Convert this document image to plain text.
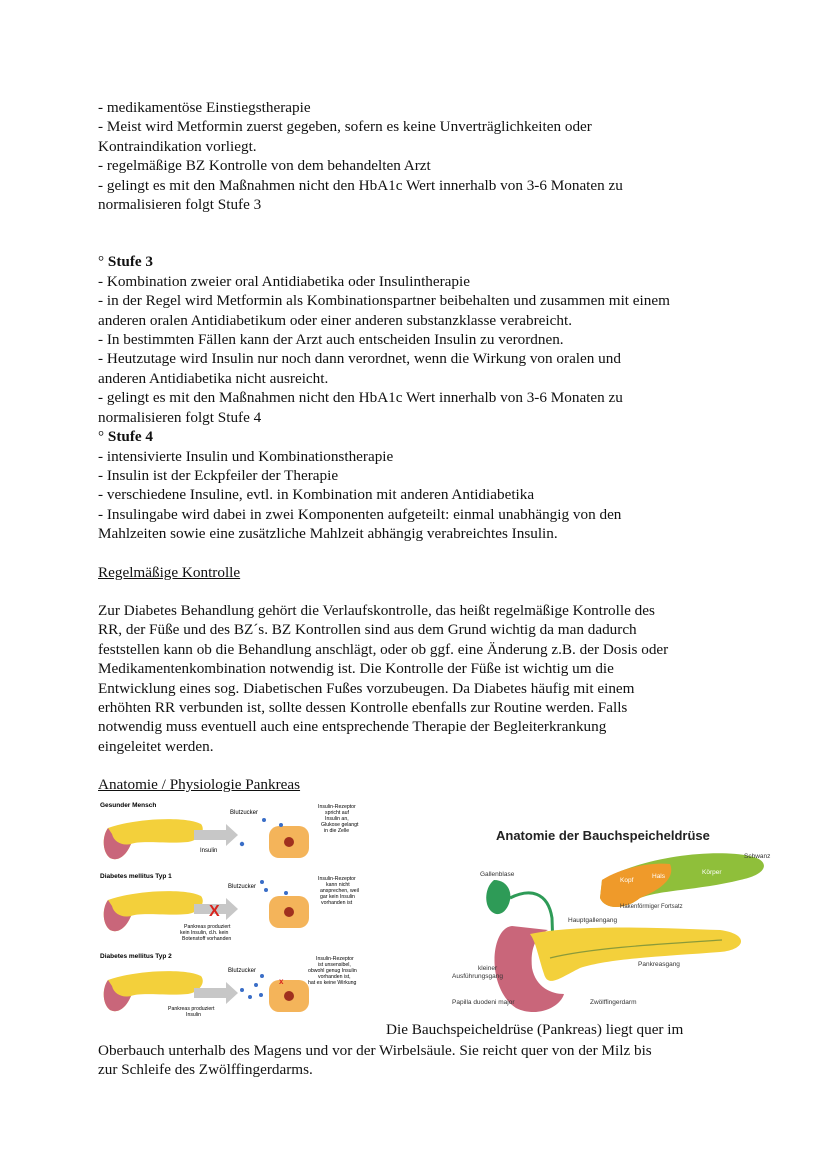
- medikamentöse Einstiegstherapie
- Meist wird Metformin zuerst gegeben, sofern es keine Unverträglichkeiten oder
Kontraindikation vorliegt.
- regelmäßige BZ Kontrolle von dem behandelten Arzt
- gelingt es mit den Maßnahmen nicht den HbA1c Wert innerhalb von 3-6 Monaten zu
normalisieren folgt Stufe 3
° Stufe 3
- Kombination zweier oral Antidiabetika oder Insulintherapie
- in der Regel wird Metformin als Kombinationspartner beibehalten und zusammen mit einem
anderen oralen Antidiabetikum oder einer anderen substanzklasse verabreicht.
- In bestimmten Fällen kann der Arzt auch entscheiden Insulin zu verordnen.
- Heutzutage wird Insulin nur noch dann verordnet, wenn die Wirkung von oralen und
anderen Antidiabetika nicht ausreicht.
- gelingt es mit den Maßnahmen nicht den HbA1c Wert innerhalb von 3-6 Monaten zu
normalisieren folgt Stufe 4
° Stufe 4
- intensivierte Insulin und Kombinationstherapie
- Insulin ist der Eckpfeiler der Therapie
- verschiedene Insuline, evtl. in Kombination mit anderen Antidiabetika
- Insulingabe wird dabei in zwei Komponenten aufgeteilt: einmal unabhängig von den
Mahlzeiten sowie eine zusätzliche Mahlzeit abhängig verabreichtes Insulin.
Regelmäßige Kontrolle
Zur Diabetes Behandlung gehört die Verlaufskontrolle, das heißt regelmäßige Kontrolle des
RR, der Füße und des BZ´s. BZ Kontrollen sind aus dem Grund wichtig da man dadurch
feststellen kann ob die Behandlung anschlägt, oder ob ggf. eine Änderung z.B. der Dosis oder
Medikamentenkombination notwendig ist. Die Kontrolle der Füße ist wichtig um die
Entwicklung eines sog. Diabetischen Fußes vorzubeugen. Da Diabetes häufig mit einem
erhöhten RR verbunden ist, sollte dessen Kontrolle ebenfalls zur Routine werden. Falls
notwendig muss eventuell auch eine entsprechende Therapie der Begleiterkrankung
eingeleitet werden.
Anatomie / Physiologie Pankreas
Gesunder Mensch
Insulin
Blutzucker
Insulin-Rezeptor spricht auf Insulin an, Glukose gelangt in die Zelle
Diabetes mellitus Typ 1
X
Pankreas produziert kein Insulin, d.h. kein Botenstoff vorhanden
Blutzucker
Insulin-Rezeptor kann nicht ansprechen, weil gar kein Insulin vorhanden ist
Diabetes mellitus Typ 2
Pankreas produziert Insulin
Blutzucker
x
Insulin-Rezeptor ist unsensibel, obwohl genug Insulin vorhanden ist, hat es keine Wirkung
Anatomie der Bauchspeicheldrüse
Schwanz
Kopf
Hals
Körper
Hakenförmiger Fortsatz
Gallenblase
Hauptgallengang
Pankreasgang
kleiner Ausführungsgang
Papilla duodeni major	Zwölffingerdarm
Die Bauchspeicheldrüse (Pankreas) liegt quer im
Oberbauch unterhalb des Magens und vor der Wirbelsäule. Sie reicht quer von der Milz bis
zur Schleife des Zwölffingerdarms.
